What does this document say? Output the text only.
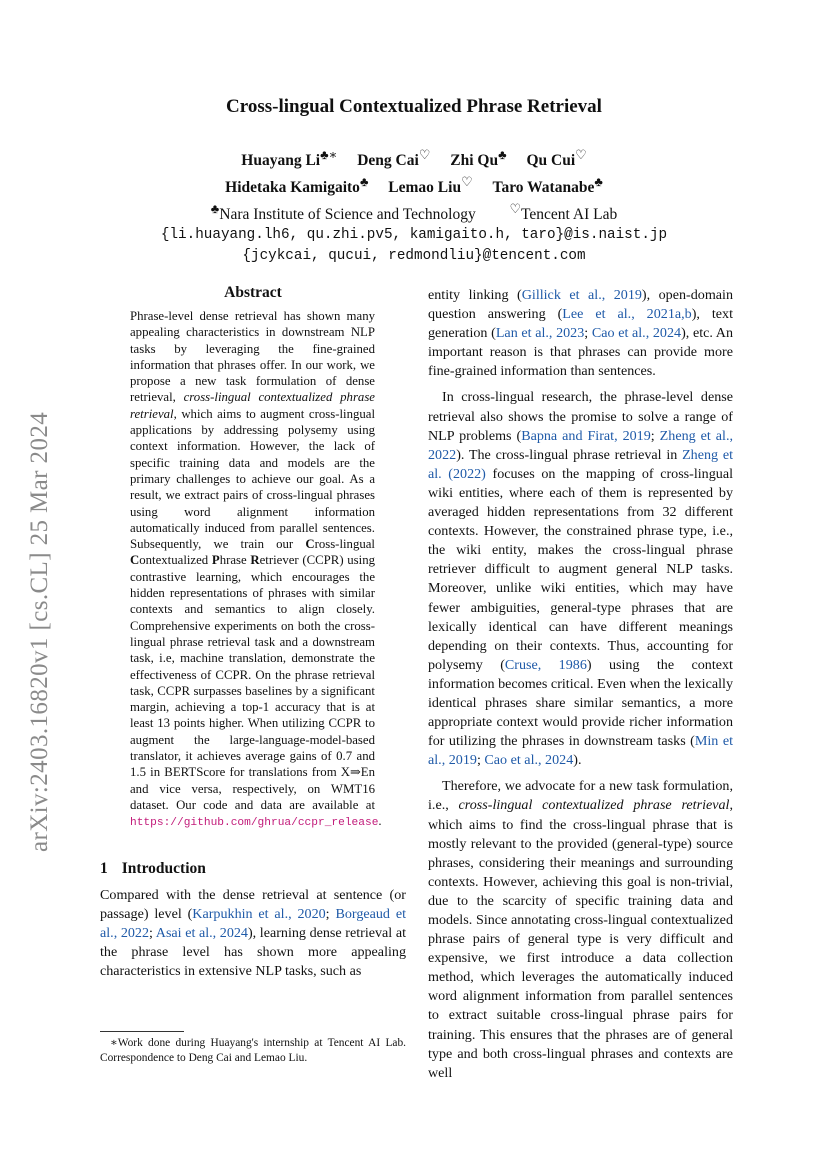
arXiv:2403.16820v1 [cs.CL] 25 Mar 2024
Cross-lingual Contextualized Phrase Retrieval
Huayang Li♣∗ Deng Cai♡ Zhi Qu♣ Qu Cui♡
Hidetaka Kamigaito♣ Lemao Liu♡ Taro Watanabe♣
♣Nara Institute of Science and Technology	♡Tencent AI Lab
{li.huayang.lh6, qu.zhi.pv5, kamigaito.h, taro}@is.naist.jp
{jcykcai, qucui, redmondliu}@tencent.com
Abstract
Phrase-level dense retrieval has shown many appealing characteristics in downstream NLP tasks by leveraging the fine-grained information that phrases offer. In our work, we propose a new task formulation of dense retrieval, cross-lingual contextualized phrase retrieval, which aims to augment cross-lingual applications by addressing polysemy using context information. However, the lack of specific training data and models are the primary challenges to achieve our goal. As a result, we extract pairs of cross-lingual phrases using word alignment information automatically induced from parallel sentences. Subsequently, we train our Cross-lingual Contextualized Phrase Retriever (CCPR) using contrastive learning, which encourages the hidden representations of phrases with similar contexts and semantics to align closely. Comprehensive experiments on both the cross-lingual phrase retrieval task and a downstream task, i.e, machine translation, demonstrate the effectiveness of CCPR. On the phrase retrieval task, CCPR surpasses baselines by a significant margin, achieving a top-1 accuracy that is at least 13 points higher. When utilizing CCPR to augment the large-language-model-based translator, it achieves average gains of 0.7 and 1.5 in BERTScore for translations from X⇒En and vice versa, respectively, on WMT16 dataset. Our code and data are available at https://github.com/ghrua/ccpr_release.
1 Introduction

Compared with the dense retrieval at sentence (or passage) level (Karpukhin et al., 2020; Borgeaud et al., 2022; Asai et al., 2024), learning dense retrieval at the phrase level has shown more appealing characteristics in extensive NLP tasks, such as

∗Work done during Huayang's internship at Tencent AI Lab. Correspondence to Deng Cai and Lemao Liu.

entity linking (Gillick et al., 2019), open-domain question answering (Lee et al., 2021a,b), text generation (Lan et al., 2023; Cao et al., 2024), etc. An important reason is that phrases can provide more fine-grained information than sentences.

In cross-lingual research, the phrase-level dense retrieval also shows the promise to solve a range of NLP problems (Bapna and Firat, 2019; Zheng et al., 2022). The cross-lingual phrase retrieval in Zheng et al. (2022) focuses on the mapping of cross-lingual wiki entities, where each of them is represented by averaged hidden representations from 32 different contexts. However, the constrained phrase type, i.e., the wiki entity, makes the cross-lingual phrase retriever difficult to augment general NLP tasks. Moreover, unlike wiki entities, which may have fewer ambiguities, general-type phrases that are lexically identical can have different meanings depending on their contexts. Thus, accounting for polysemy (Cruse, 1986) using the context information becomes critical. Even when the lexically identical phrases share similar semantics, a more appropriate context would provide richer information for utilizing the phrases in downstream tasks (Min et al., 2019; Cao et al., 2024).

Therefore, we advocate for a new task formulation, i.e., cross-lingual contextualized phrase retrieval, which aims to find the cross-lingual phrase that is mostly relevant to the provided (general-type) source phrases, considering their meanings and surrounding contexts. However, achieving this goal is non-trivial, due to the scarcity of specific training data and models. Since annotating cross-lingual contextualized phrase pairs of general type is very difficult and expensive, we first introduce a data collection method, which leverages the automatically induced word alignment information from parallel sentences to extract suitable cross-lingual phrase pairs for training. This ensures that the phrases are of general type and both cross-lingual phrases and contexts are well
